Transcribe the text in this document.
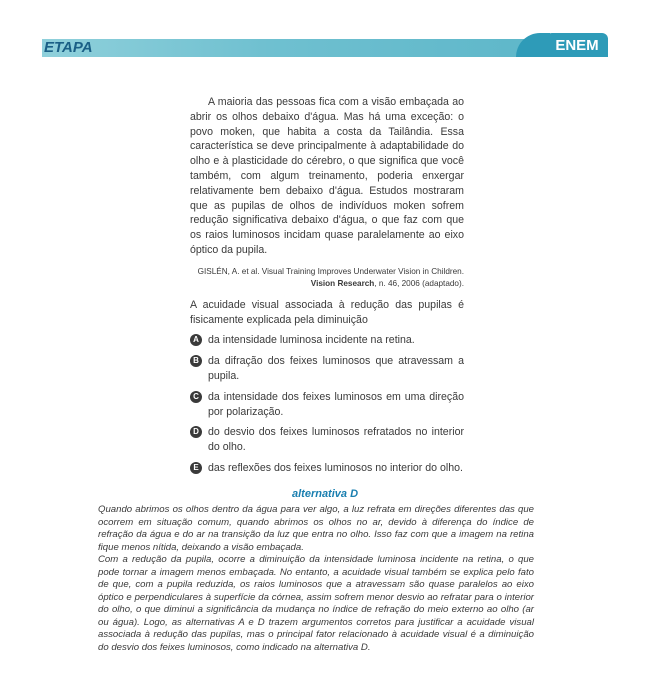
ETAPA	ENEM

A maioria das pessoas fica com a visão embaçada ao abrir os olhos debaixo d'água. Mas há uma exceção: o povo moken, que habita a costa da Tailândia. Essa característica se deve principalmente à adaptabilidade do olho e à plasticidade do cérebro, o que significa que você também, com algum treinamento, poderia enxergar relativamente bem debaixo d'água. Estudos mostraram que as pupilas de olhos de indivíduos moken sofrem redução significativa debaixo d'água, o que faz com que os raios luminosos incidam quase paralelamente ao eixo óptico da pupila.

GISLÉN, A. et al. Visual Training Improves Underwater Vision in Children.
Vision Research, n. 46, 2006 (adaptado).
A acuidade visual associada à redução das pupilas é fisicamente explicada pela diminuição
A da intensidade luminosa incidente na retina.
B da difração dos feixes luminosos que atravessam a pupila.
C da intensidade dos feixes luminosos em uma direção por polarização.
D do desvio dos feixes luminosos refratados no interior do olho.
E das reflexões dos feixes luminosos no interior do olho.
alternativa D

Quando abrimos os olhos dentro da água para ver algo, a luz refrata em direções diferentes das que ocorrem em situação comum, quando abrimos os olhos no ar, devido à diferença do índice de refração da água e do ar na transição da luz que entra no olho. Isso faz com que a imagem na retina fique menos nítida, deixando a visão embaçada.

Com a redução da pupila, ocorre a diminuição da intensidade luminosa incidente na retina, o que pode tornar a imagem menos embaçada. No entanto, a acuidade visual também se explica pelo fato de que, com a pupila reduzida, os raios luminosos que a atravessam são quase paralelos ao eixo óptico e perpendiculares à superfície da córnea, assim sofrem menor desvio ao refratar para o interior do olho, o que diminui a significância da mudança no índice de refração do meio externo ao olho (ar ou água). Logo, as alternativas A e D trazem argumentos corretos para justificar a acuidade visual associada à redução das pupilas, mas o principal fator relacionado à acuidade visual é a diminuição do desvio dos feixes luminosos, como indicado na alternativa D.
